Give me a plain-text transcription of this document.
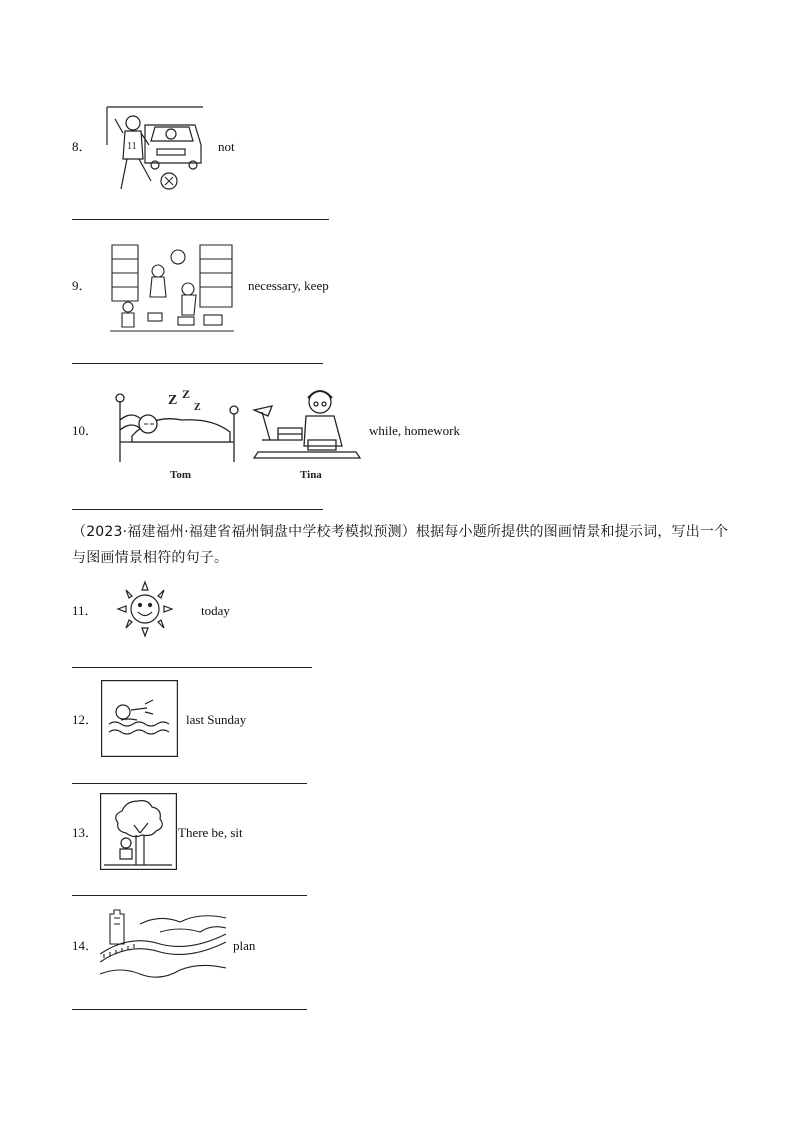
8．	11	not
9．	necessary, keep
10．
Z Z
Z
Tom	Tina
while, homework
（2023·福建福州·福建省福州铜盘中学校考模拟预测）根据每小题所提供的图画情景和提示词，写出一个与图画情景相符的句子。
11．	today
12．	last Sunday
13．	There be, sit
14．	plan
